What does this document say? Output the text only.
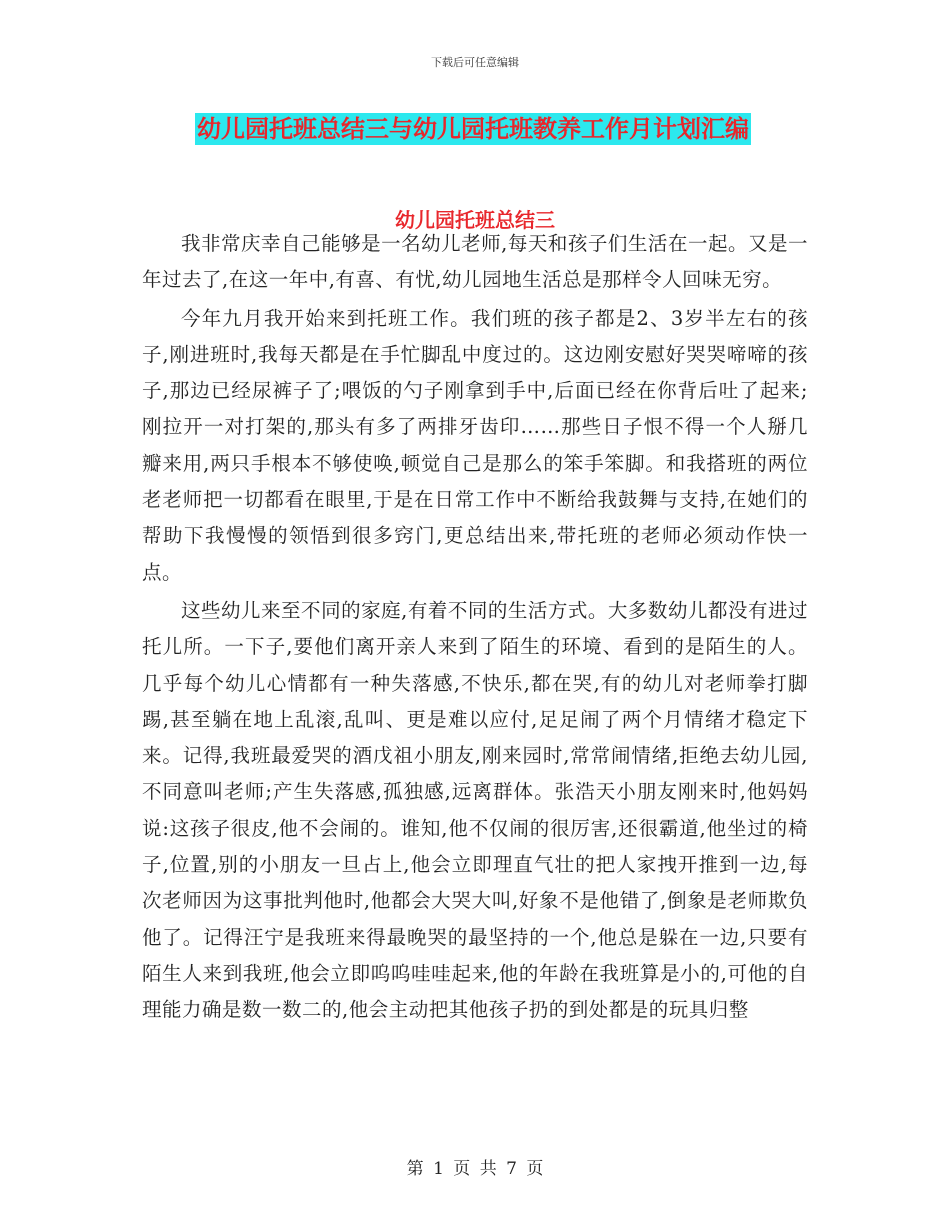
下载后可任意编辑
幼儿园托班总结三与幼儿园托班教养工作月计划汇编
幼儿园托班总结三

我非常庆幸自己能够是一名幼儿老师,每天和孩子们生活在一起。又是一年过去了,在这一年中,有喜、有忧,幼儿园地生活总是那样令人回味无穷。

今年九月我开始来到托班工作。我们班的孩子都是2、3岁半左右的孩子,刚进班时,我每天都是在手忙脚乱中度过的。这边刚安慰好哭哭啼啼的孩子,那边已经尿裤子了;喂饭的勺子刚拿到手中,后面已经在你背后吐了起来;刚拉开一对打架的,那头有多了两排牙齿印……那些日子恨不得一个人掰几瓣来用,两只手根本不够使唤,顿觉自己是那么的笨手笨脚。和我搭班的两位老老师把一切都看在眼里,于是在日常工作中不断给我鼓舞与支持,在她们的帮助下我慢慢的领悟到很多窍门,更总结出来,带托班的老师必须动作快一点。

这些幼儿来至不同的家庭,有着不同的生活方式。大多数幼儿都没有进过托儿所。一下子,要他们离开亲人来到了陌生的环境、看到的是陌生的人。几乎每个幼儿心情都有一种失落感,不快乐,都在哭,有的幼儿对老师拳打脚踢,甚至躺在地上乱滚,乱叫、更是难以应付,足足闹了两个月情绪才稳定下来。记得,我班最爱哭的酒戊祖小朋友,刚来园时,常常闹情绪,拒绝去幼儿园,不同意叫老师;产生失落感,孤独感,远离群体。张浩天小朋友刚来时,他妈妈说:这孩子很皮,他不会闹的。谁知,他不仅闹的很厉害,还很霸道,他坐过的椅子,位置,别的小朋友一旦占上,他会立即理直气壮的把人家拽开推到一边,每次老师因为这事批判他时,他都会大哭大叫,好象不是他错了,倒象是老师欺负他了。记得汪宁是我班来得最晚哭的最坚持的一个,他总是躲在一边,只要有陌生人来到我班,他会立即呜呜哇哇起来,他的年龄在我班算是小的,可他的自理能力确是数一数二的,他会主动把其他孩子扔的到处都是的玩具归整

第 1 页 共 7 页
